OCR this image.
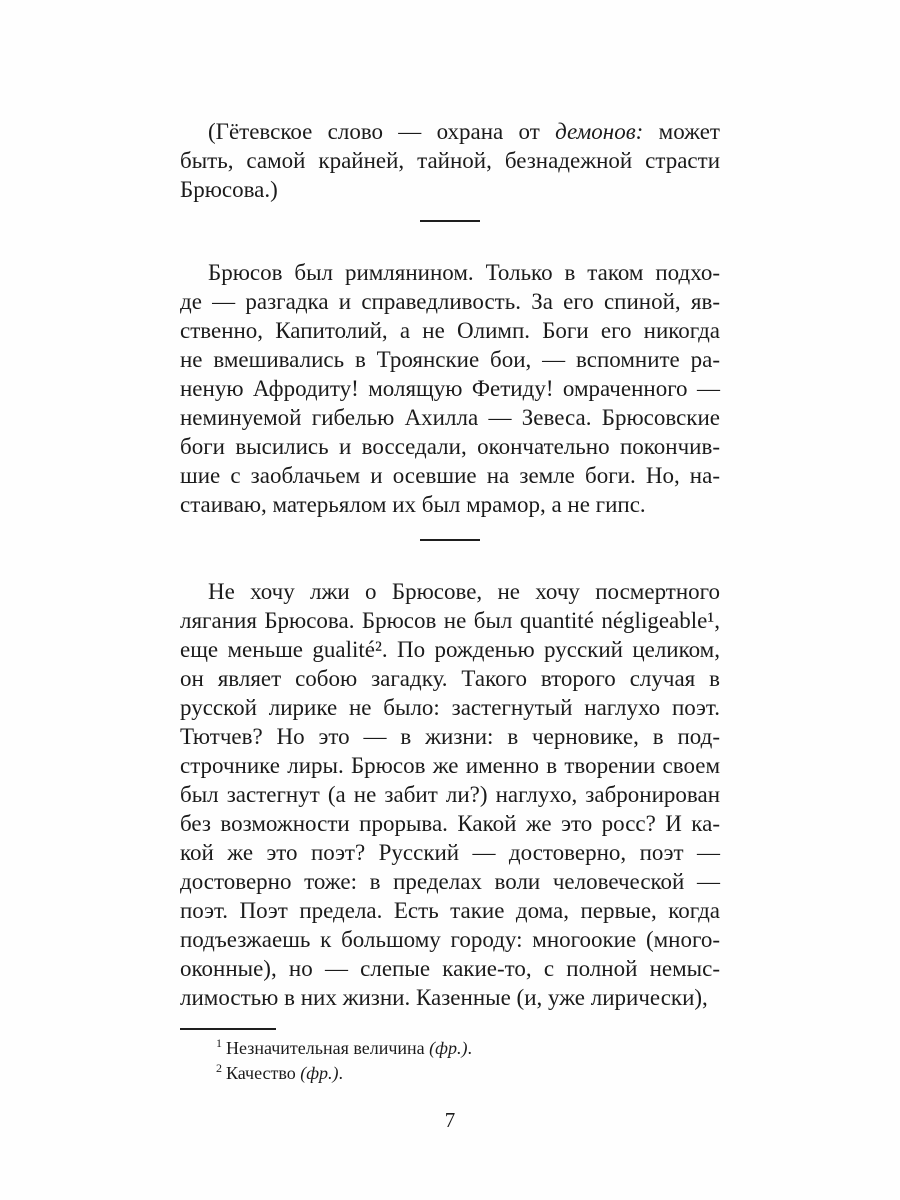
(Гётевское слово — охрана от демонов: может
быть, самой крайней, тайной, безнадежной страсти
Брюсова.)
Брюсов был римлянином. Только в таком подхо-
де — разгадка и справедливость. За его спиной, яв-
ственно, Капитолий, а не Олимп. Боги его никогда
не вмешивались в Троянские бои, — вспомните ра-
неную Афродиту! молящую Фетиду! омраченного —
неминуемой гибелью Ахилла — Зевеса. Брюсовские
боги высились и восседали, окончательно покончив-
шие с заоблачьем и осевшие на земле боги. Но, на-
стаиваю, матерьялом их был мрамор, а не гипс.
Не хочу лжи о Брюсове, не хочу посмертного
лягания Брюсова. Брюсов не был quantité négligeable¹,
еще меньше gualité². По рожденью русский целиком,
он являет собою загадку. Такого второго случая в
русской лирике не было: застегнутый наглухо поэт.
Тютчев? Но это — в жизни: в черновике, в под-
строчнике лиры. Брюсов же именно в творении своем
был застегнут (а не забит ли?) наглухо, забронирован
без возможности прорыва. Какой же это росс? И ка-
кой же это поэт? Русский — достоверно, поэт —
достоверно тоже: в пределах воли человеческой —
поэт. Поэт предела. Есть такие дома, первые, когда
подъезжаешь к большому городу: многоокие (много-
оконные), но — слепые какие-то, с полной немыс-
лимостью в них жизни. Казенные (и, уже лирически),
$^1$ Незначительная величина (фр.).
$^2$ Качество (фр.).
7
